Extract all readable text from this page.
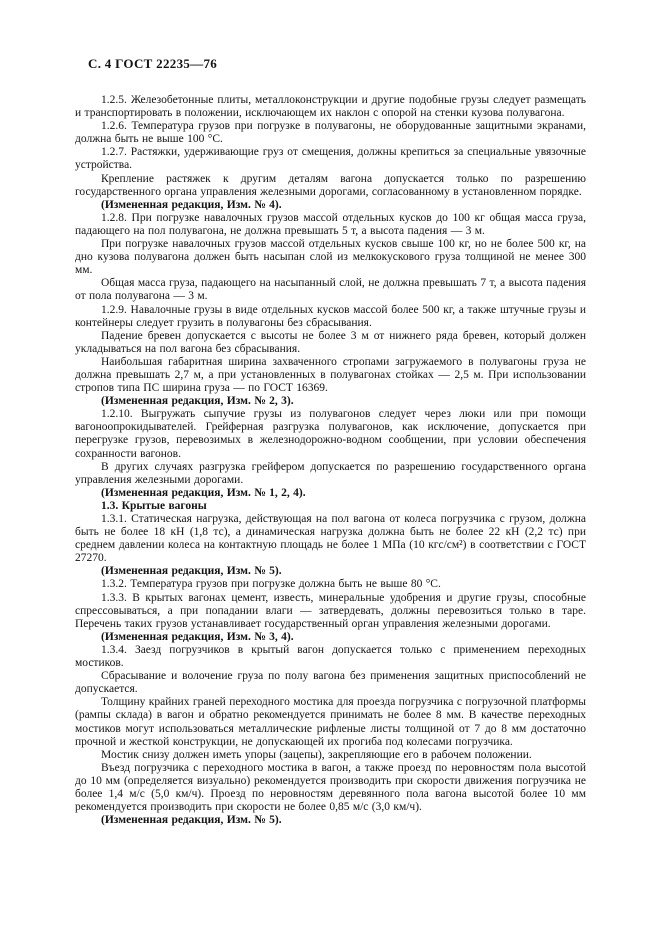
С. 4 ГОСТ 22235—76

1.2.5. Железобетонные плиты, металлоконструкции и другие подобные грузы следует размещать и транспортировать в положении, исключающем их наклон с опорой на стенки кузова полувагона.

1.2.6. Температура грузов при погрузке в полувагоны, не оборудованные защитными экранами, должна быть не выше 100 °С.

1.2.7. Растяжки, удерживающие груз от смещения, должны крепиться за специальные увязочные устройства.

Крепление растяжек к другим деталям вагона допускается только по разрешению государственного органа управления железными дорогами, согласованному в установленном порядке.

(Измененная редакция, Изм. № 4).

1.2.8. При погрузке навалочных грузов массой отдельных кусков до 100 кг общая масса груза, падающего на пол полувагона, не должна превышать 5 т, а высота падения — 3 м.

При погрузке навалочных грузов массой отдельных кусков свыше 100 кг, но не более 500 кг, на дно кузова полувагона должен быть насыпан слой из мелкокускового груза толщиной не менее 300 мм.

Общая масса груза, падающего на насыпанный слой, не должна превышать 7 т, а высота падения от пола полувагона — 3 м.

1.2.9. Навалочные грузы в виде отдельных кусков массой более 500 кг, а также штучные грузы и контейнеры следует грузить в полувагоны без сбрасывания.

Падение бревен допускается с высоты не более 3 м от нижнего ряда бревен, который должен укладываться на пол вагона без сбрасывания.

Наибольшая габаритная ширина захваченного стропами загружаемого в полувагоны груза не должна превышать 2,7 м, а при установленных в полувагонах стойках — 2,5 м. При использовании стропов типа ПС ширина груза — по ГОСТ 16369.

(Измененная редакция, Изм. № 2, 3).

1.2.10. Выгружать сыпучие грузы из полувагонов следует через люки или при помощи вагоноопрокидывателей. Грейферная разгрузка полувагонов, как исключение, допускается при перегрузке грузов, перевозимых в железнодорожно-водном сообщении, при условии обеспечения сохранности вагонов.

В других случаях разгрузка грейфером допускается по разрешению государственного органа управления железными дорогами.

(Измененная редакция, Изм. № 1, 2, 4).

1.3. Крытые вагоны

1.3.1. Статическая нагрузка, действующая на пол вагона от колеса погрузчика с грузом, должна быть не более 18 кН (1,8 тс), а динамическая нагрузка должна быть не более 22 кН (2,2 тс) при среднем давлении колеса на контактную площадь не более 1 МПа (10 кгс/см²) в соответствии с ГОСТ 27270.

(Измененная редакция, Изм. № 5).

1.3.2. Температура грузов при погрузке должна быть не выше 80 °С.

1.3.3. В крытых вагонах цемент, известь, минеральные удобрения и другие грузы, способные спрессовываться, а при попадании влаги — затвердевать, должны перевозиться только в таре. Перечень таких грузов устанавливает государственный орган управления железными дорогами.

(Измененная редакция, Изм. № 3, 4).

1.3.4. Заезд погрузчиков в крытый вагон допускается только с применением переходных мостиков.

Сбрасывание и волочение груза по полу вагона без применения защитных приспособлений не допускается.

Толщину крайних граней переходного мостика для проезда погрузчика с погрузочной платформы (рампы склада) в вагон и обратно рекомендуется принимать не более 8 мм. В качестве переходных мостиков могут использоваться металлические рифленые листы толщиной от 7 до 8 мм достаточно прочной и жесткой конструкции, не допускающей их прогиба под колесами погрузчика.

Мостик снизу должен иметь упоры (зацепы), закрепляющие его в рабочем положении.

Въезд погрузчика с переходного мостика в вагон, а также проезд по неровностям пола высотой до 10 мм (определяется визуально) рекомендуется производить при скорости движения погрузчика не более 1,4 м/с (5,0 км/ч). Проезд по неровностям деревянного пола вагона высотой более 10 мм рекомендуется производить при скорости не более 0,85 м/с (3,0 км/ч).

(Измененная редакция, Изм. № 5).
